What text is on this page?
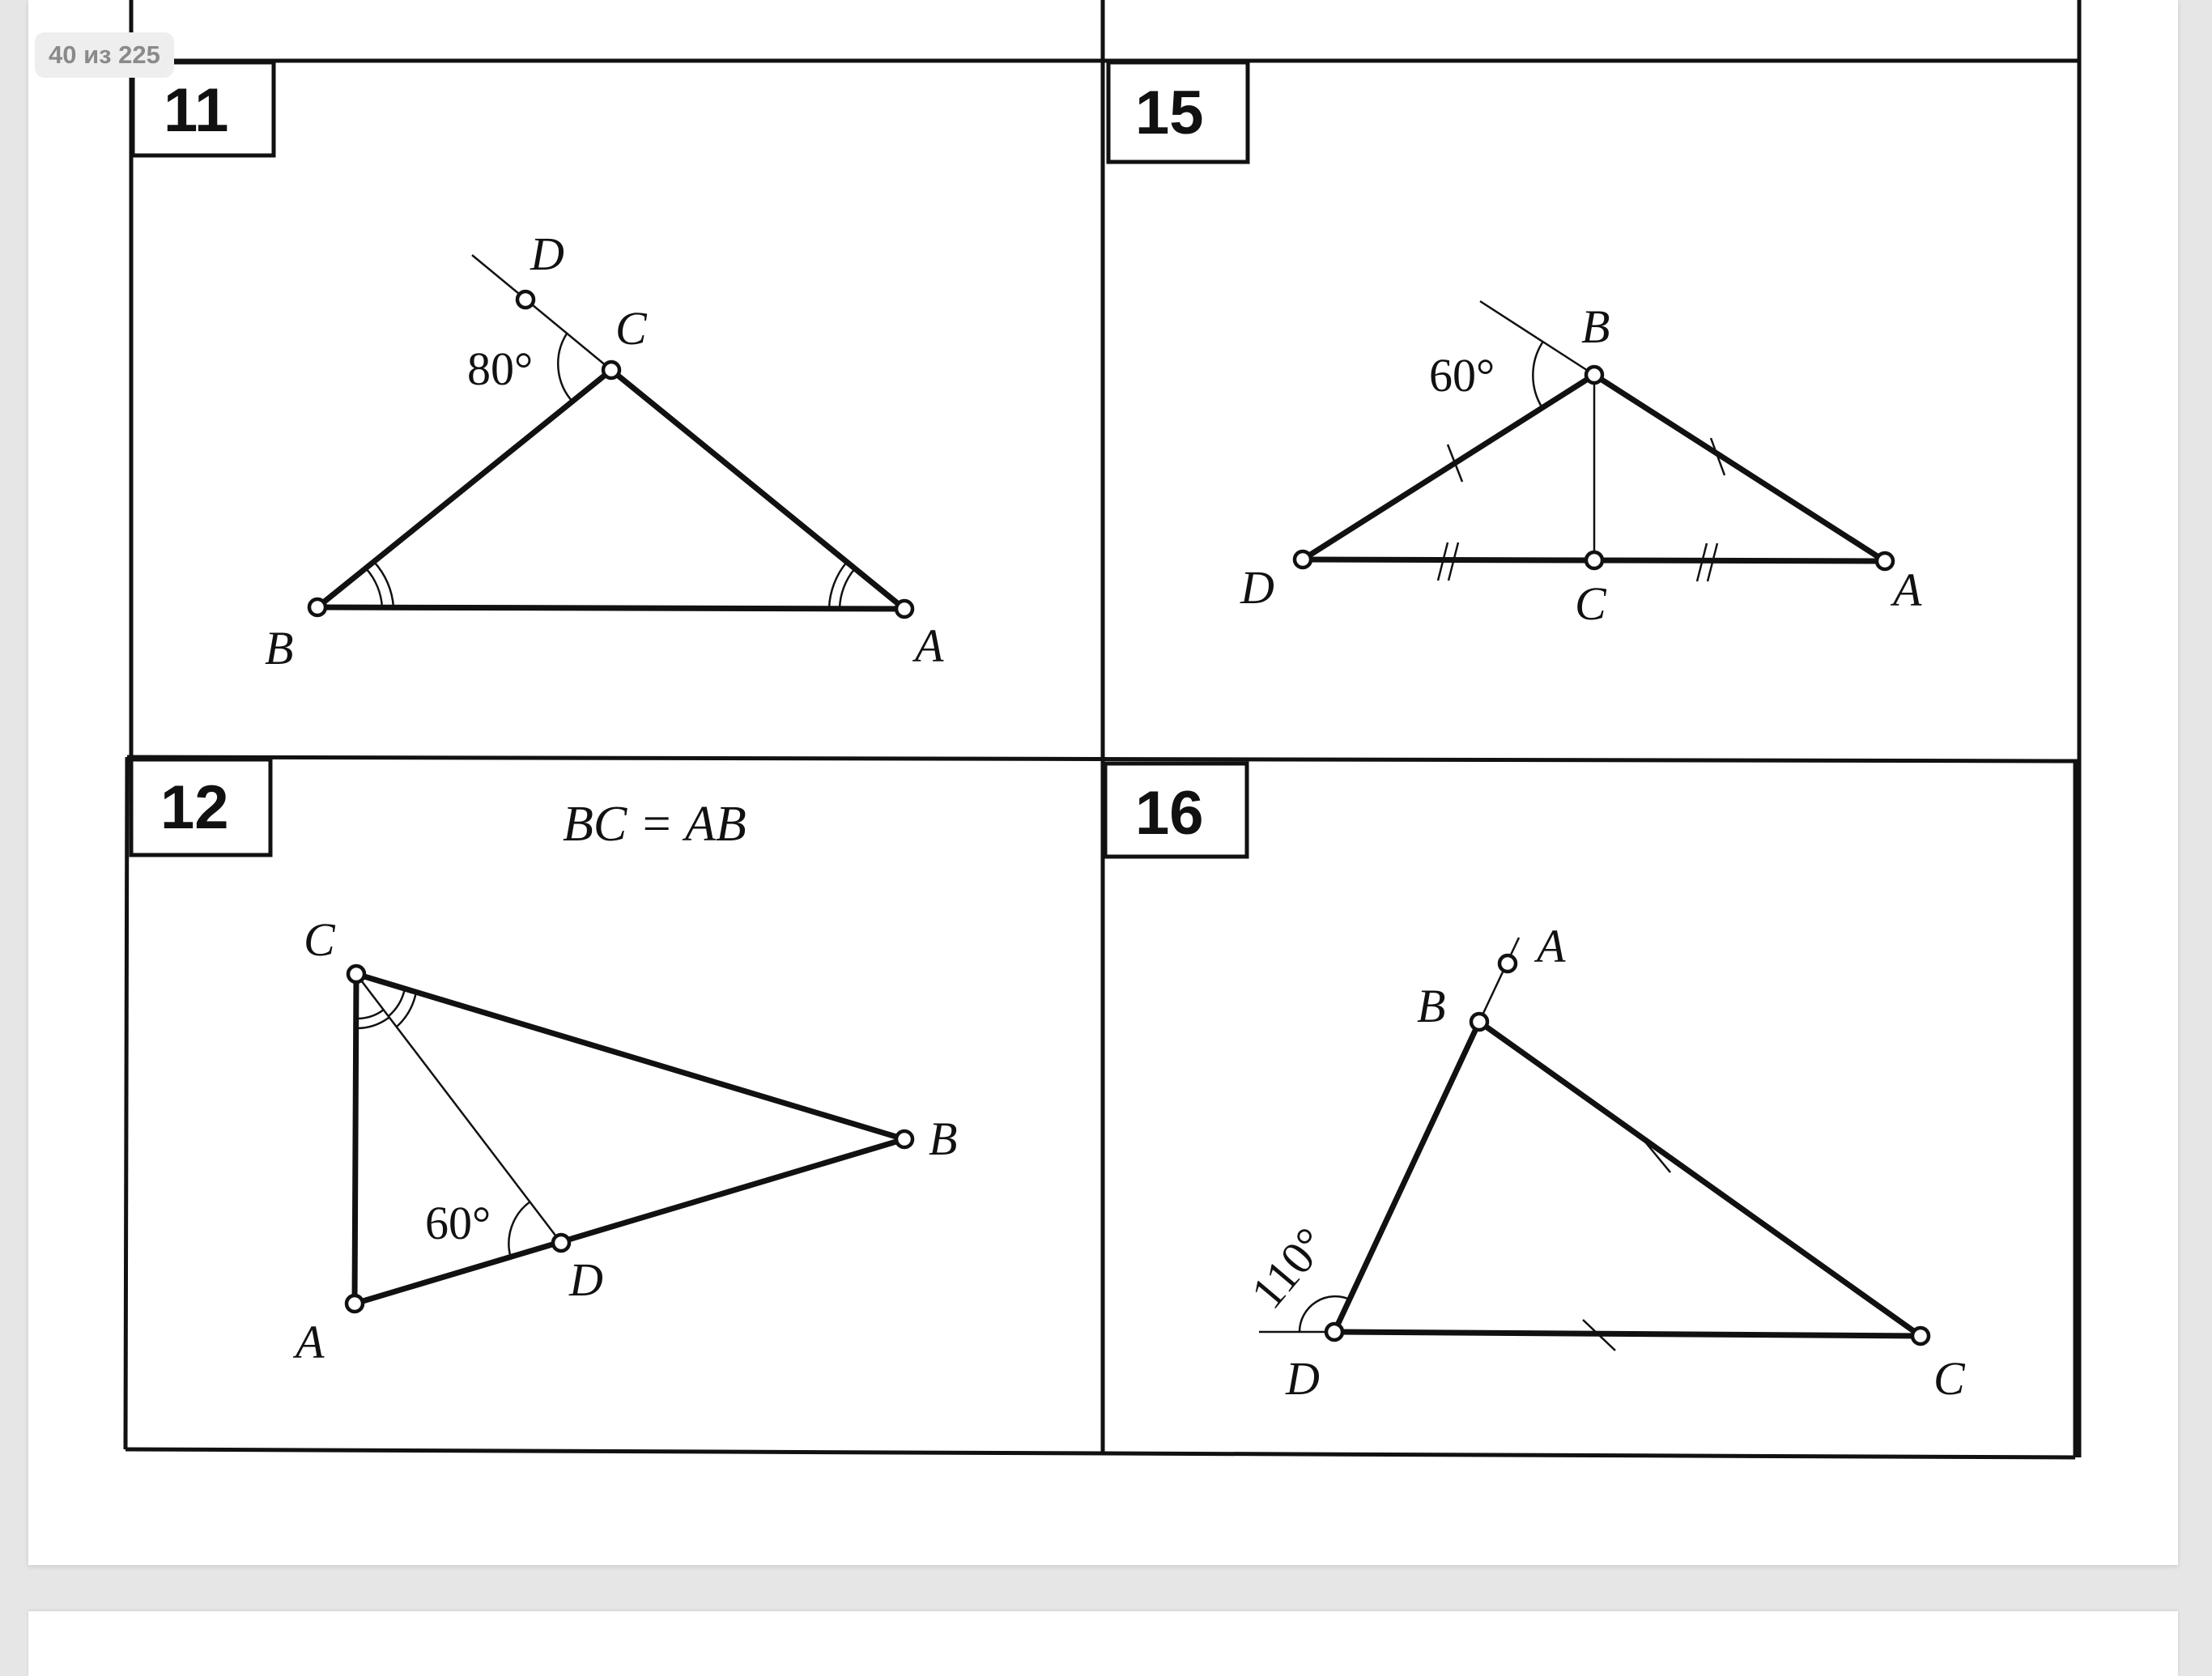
40 из 225
11
D
C
B	A
80°
15
B
D	C	A
60°
12	BC = AB
C
B
A
D
60°
16
A
B
D	C
110°
